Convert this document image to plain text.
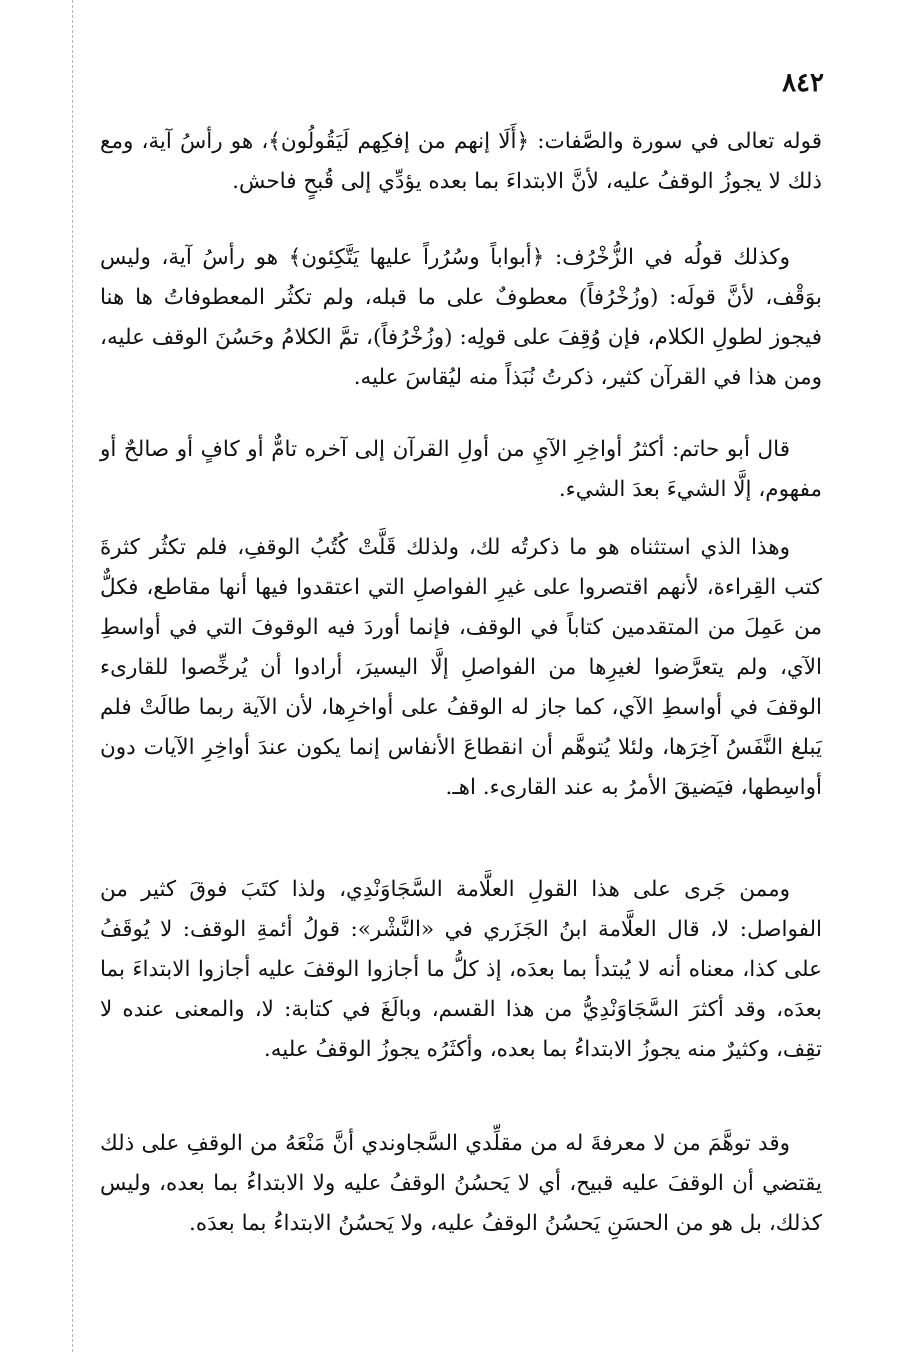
٨٤٢

قوله تعالى في سورة والصَّفات: ﴿أَلَا إنهم من إفكِهم لَيَقُولُون﴾، هو رأسُ آية، ومع ذلك لا يجوزُ الوقفُ عليه، لأنَّ الابتداءَ بما بعده يؤدِّي إلى قُبحٍ فاحش.

وكذلك قولُه في الزُّخْرُف: ﴿أبواباً وسُرُراً عليها يَتَّكِئون﴾ هو رأسُ آية، وليس بوَقْف، لأنَّ قولَه: (وزُخْرُفاً) معطوفٌ على ما قبله، ولم تكثُر المعطوفاتُ ها هنا فيجوز لطولِ الكلام، فإن وُقِفَ على قولِه: (وزُخْرُفاً)، تمَّ الكلامُ وحَسُنَ الوقف عليه، ومن هذا في القرآن كثير، ذكرتُ نُبَذاً منه ليُقاسَ عليه.

قال أبو حاتم: أكثرُ أواخِرِ الآيِ من أولِ القرآن إلى آخره تامٌّ أو كافٍ أو صالحٌ أو مفهوم، إلَّا الشيءَ بعدَ الشيء.

وهذا الذي استثناه هو ما ذكرتُه لك، ولذلك قَلَّتْ كُتُبُ الوقفِ، فلم تكثُر كثرةَ كتب القِراءة، لأنهم اقتصروا على غيرِ الفواصلِ التي اعتقدوا فيها أنها مقاطع، فكلٌّ من عَمِلَ من المتقدمين كتاباً في الوقف، فإنما أوردَ فيه الوقوفَ التي في أواسطِ الآي، ولم يتعرَّضوا لغيرِها من الفواصلِ إلَّا اليسيرَ، أرادوا أن يُرخِّصوا للقارىء الوقفَ في أواسطِ الآي، كما جاز له الوقفُ على أواخرِها، لأن الآية ربما طالَتْ فلم يَبلغ النَّفَسُ آخِرَها، ولئلا يُتوهَّم أن انقطاعَ الأنفاس إنما يكون عندَ أواخِرِ الآيات دون أواسِطها، فيَضيقَ الأمرُ به عند القارىء. اهـ.

وممن جَرى على هذا القولِ العلَّامة السَّجَاوَنْدِي، ولذا كتَبَ فوقَ كثير من الفواصل: لا، قال العلَّامة ابنُ الجَزَري في «النَّشْر»: قولُ أئمةِ الوقف: لا يُوقَفُ على كذا، معناه أنه لا يُبتدأ بما بعدَه، إذ كلُّ ما أجازوا الوقفَ عليه أجازوا الابتداءَ بما بعدَه، وقد أكثرَ السَّجَاوَنْدِيُّ من هذا القسم، وبالَغَ في كتابة: لا، والمعنى عنده لا تقِف، وكثيرٌ منه يجوزُ الابتداءُ بما بعده، وأكثَرُه يجوزُ الوقفُ عليه.

وقد توهَّمَ من لا معرفةَ له من مقلِّدي السَّجاوندي أنَّ مَنْعَهُ من الوقفِ على ذلك يقتضي أن الوقفَ عليه قبيح، أي لا يَحسُنُ الوقفُ عليه ولا الابتداءُ بما بعده، وليس كذلك، بل هو من الحسَنِ يَحسُنُ الوقفُ عليه، ولا يَحسُنُ الابتداءُ بما بعدَه.
